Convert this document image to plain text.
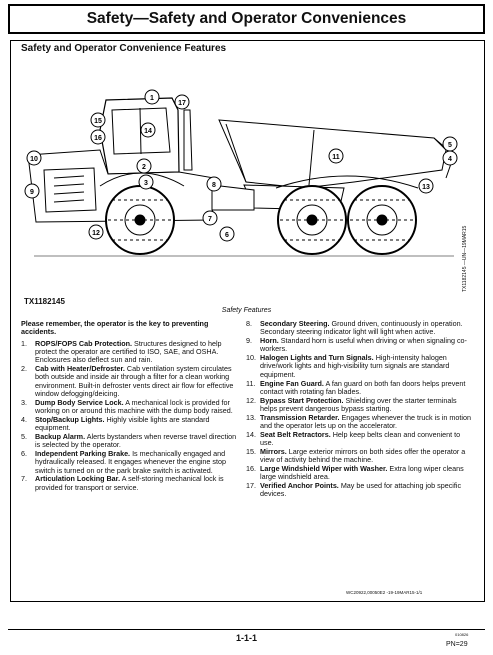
Safety—Safety and Operator Conveniences
Safety and Operator Convenience Features
1
17
15
16
14
10
2
3
9
8
12	6
7
5
4
11
13
TX1182145
TX1182145 —UN—19MAR15
Safety Features
Please remember, the operator is the key to preventing accidents.
1. ROPS/FOPS Cab Protection. Structures designed to help protect the operator are certified to ISO, SAE, and OSHA. Enclosures also deflect sun and rain.
2. Cab with Heater/Defroster. Cab ventilation system circulates both outside and inside air through a filter for a clean working environment. Built-in defroster vents direct air flow for effective window defogging/deicing.
3. Dump Body Service Lock. A mechanical lock is provided for working on or around this machine with the dump body raised.
4. Stop/Backup Lights. Highly visible lights are standard equipment.
5. Backup Alarm. Alerts bystanders when reverse travel direction is selected by the operator.
6. Independent Parking Brake. Is mechanically engaged and hydraulically released. It engages whenever the engine stop switch is turned on or the park brake switch is activated.
7. Articulation Locking Bar. A self-storing mechanical lock is provided for transport or service.
8. Secondary Steering. Ground driven, continuously in operation. Secondary steering indicator light will light when active.
9. Horn. Standard horn is useful when driving or when signaling co-workers.
10. Halogen Lights and Turn Signals. High-intensity halogen drive/work lights and high-visibility turn signals are standard equipment.
11. Engine Fan Guard. A fan guard on both fan doors helps prevent contact with rotating fan blades.
12. Bypass Start Protection. Shielding over the starter terminals helps prevent dangerous bypass starting.
13. Transmission Retarder. Engages whenever the truck is in motion and the operator lets up on the accelerator.
14. Seat Belt Retractors. Help keep belts clean and convenient to use.
15. Mirrors. Large exterior mirrors on both sides offer the operator a view of activity behind the machine.
16. Large Windshield Wiper with Washer. Extra long wiper cleans large windshield area.
17. Verified Anchor Points. May be used for attaching job specific devices.
WC20922,00050E2 -19-19MAR15-1/1
1-1-1	010826
PN=29
